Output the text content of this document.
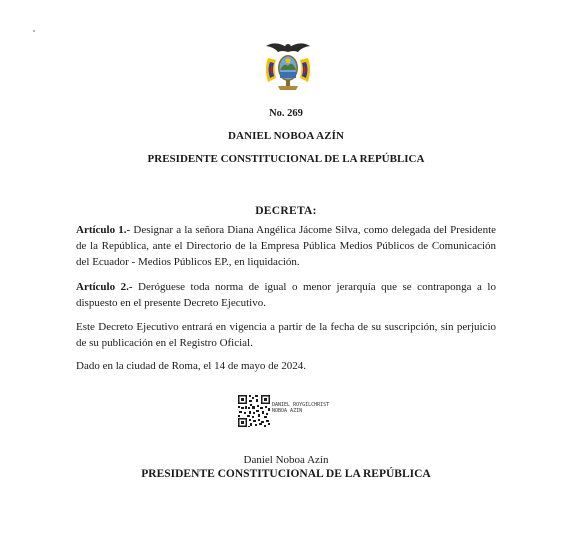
No. 269
DANIEL NOBOA AZÍN
PRESIDENTE CONSTITUCIONAL DE LA REPÚBLICA
DECRETA:
Artículo 1.- Designar a la señora Diana Angélica Jácome Silva, como delegada del Presidente de la República, ante el Directorio de la Empresa Pública Medios Públicos de Comunicación del Ecuador - Medios Públicos EP., en liquidación.
Artículo 2.- Deróguese toda norma de igual o menor jerarquía que se contraponga a lo dispuesto en el presente Decreto Ejecutivo.
Este Decreto Ejecutivo entrará en vigencia a partir de la fecha de su suscripción, sin perjuicio de su publicación en el Registro Oficial.
Dado en la ciudad de Roma, el 14 de mayo de 2024.
DANIEL ROYGILCHRIST
NOBOA AZIN
Daniel Noboa Azín
PRESIDENTE CONSTITUCIONAL DE LA REPÚBLICA
